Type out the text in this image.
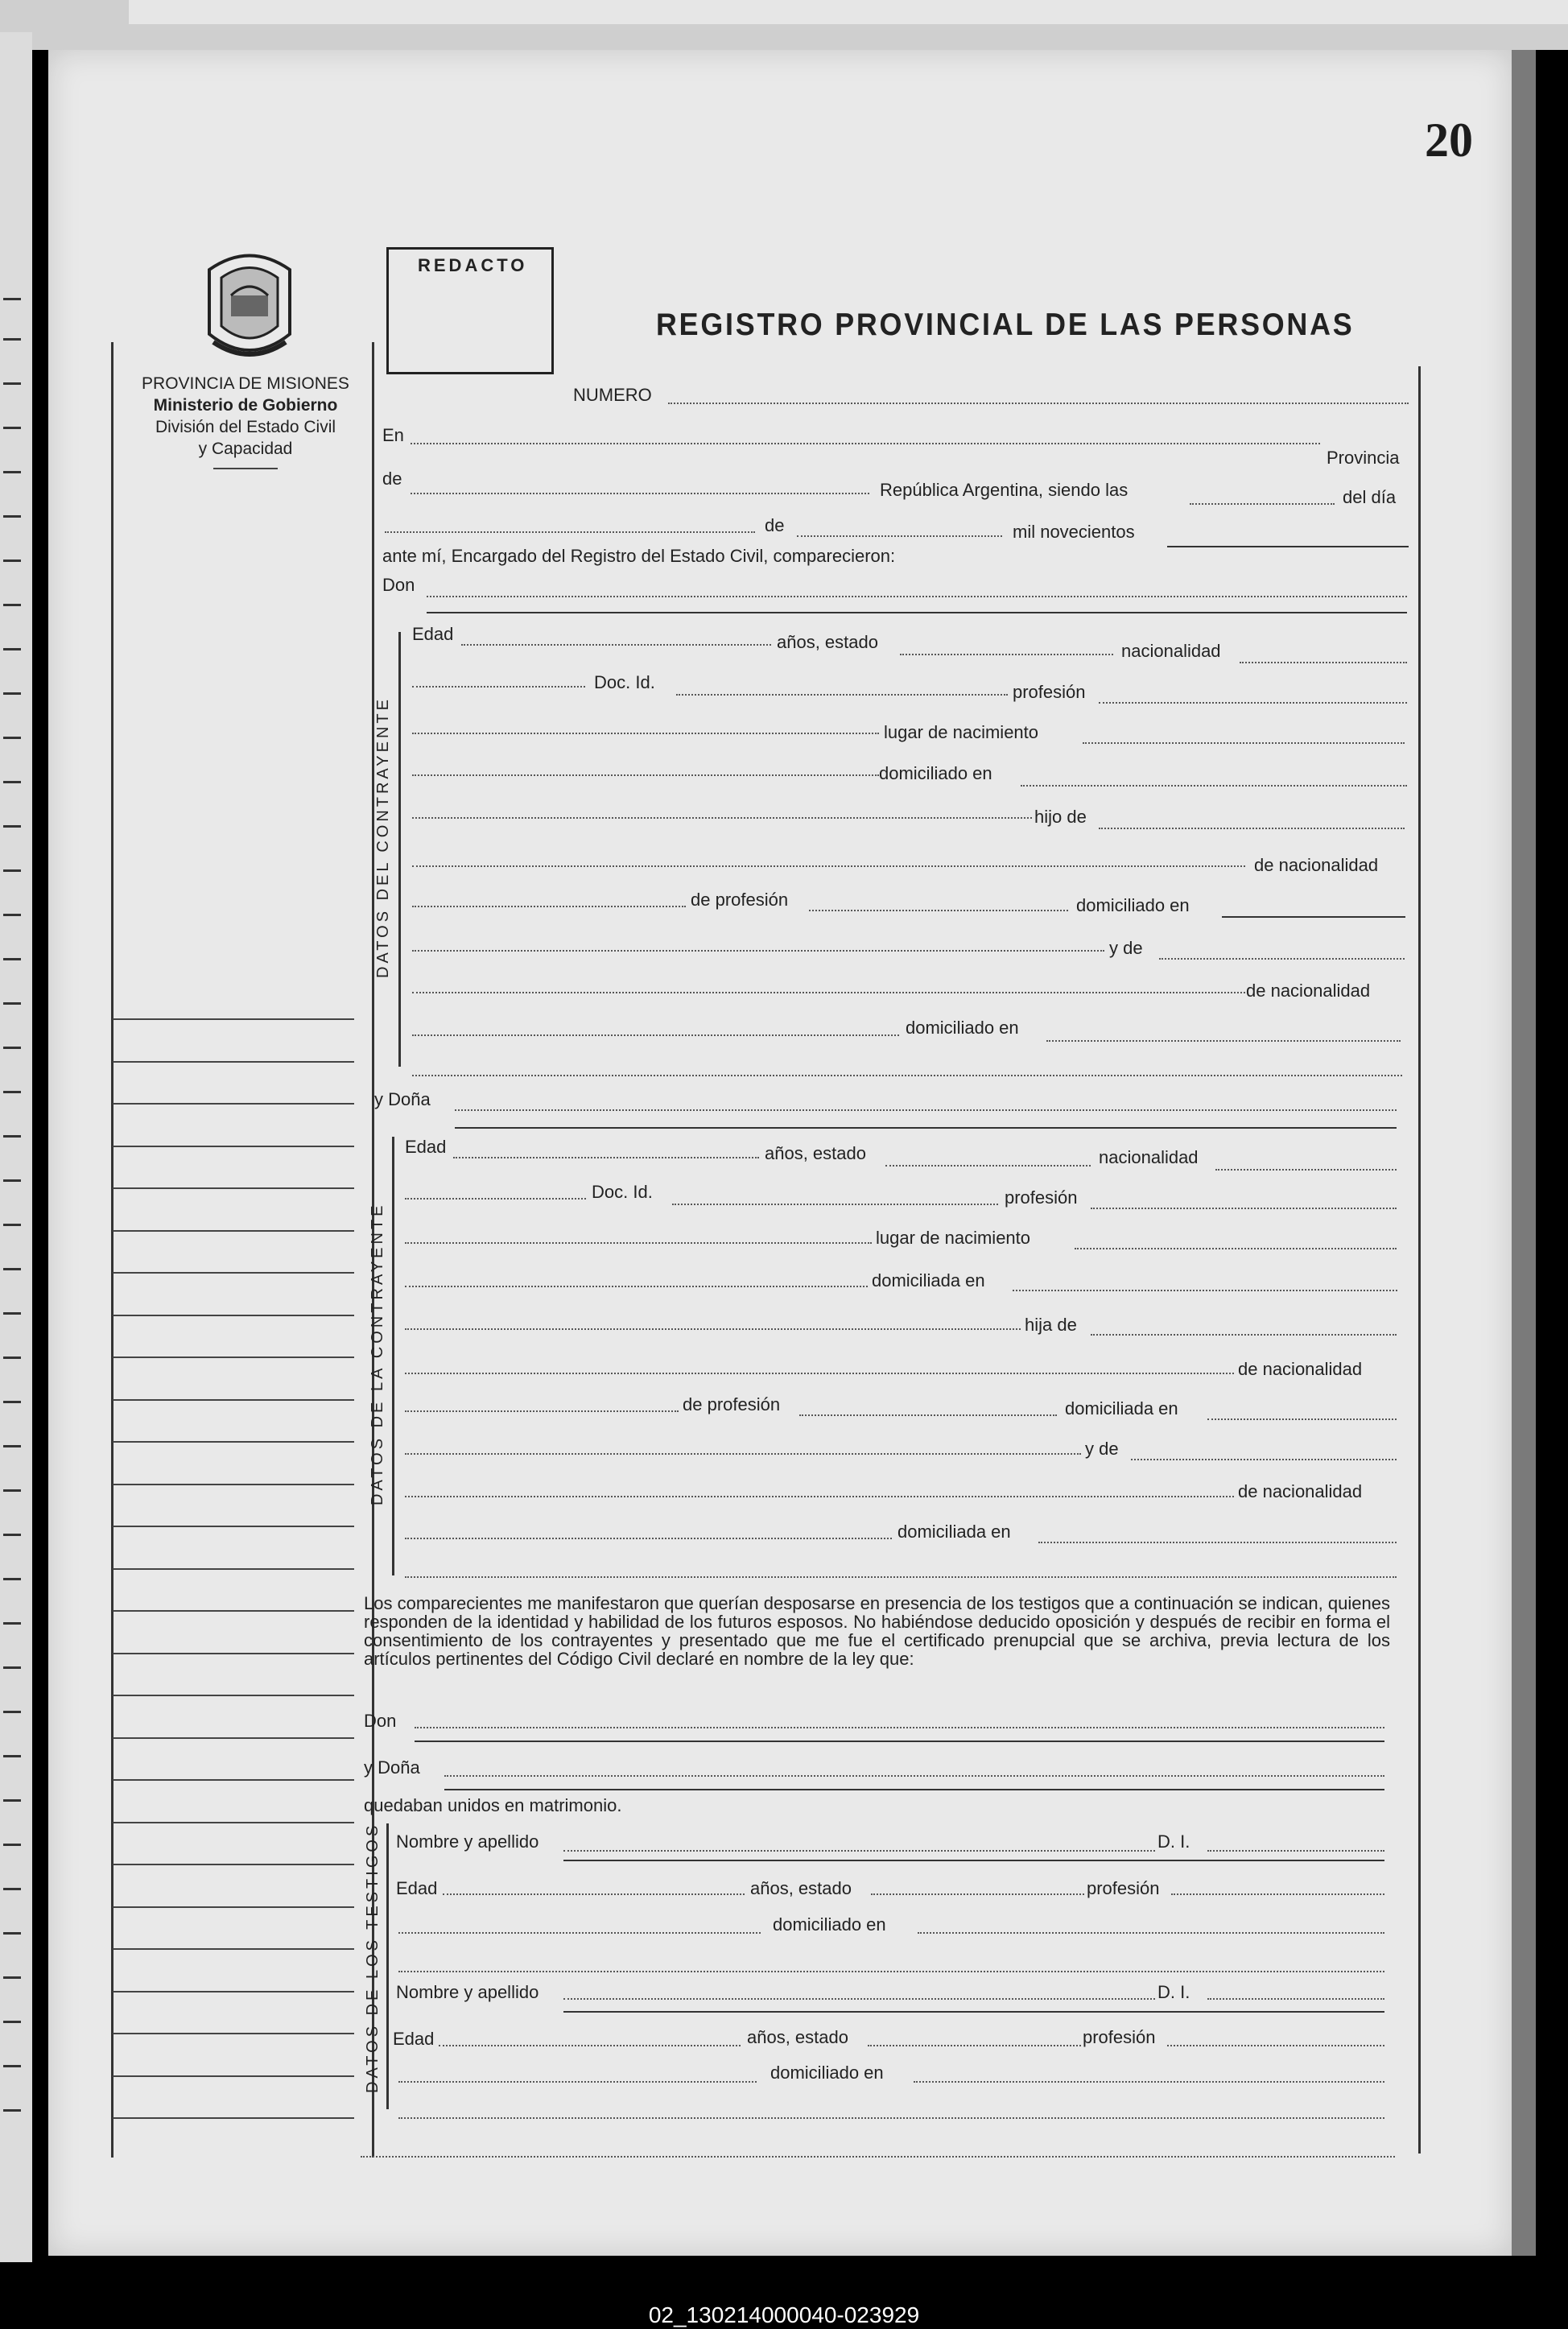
20
PROVINCIA DE MISIONES
Ministerio de Gobierno
División del Estado Civil
y Capacidad
REDACTO
REGISTRO PROVINCIAL DE LAS PERSONAS
NUMERO
En
Provincia
de
República Argentina, siendo las	del día
de	mil novecientos
ante mí, Encargado del Registro del Estado Civil, comparecieron:
Don
DATOS DEL CONTRAYENTE
Edad	años, estado	nacionalidad
Doc. Id.	profesión
lugar de nacimiento
domiciliado en
hijo de
de nacionalidad
de profesión	domiciliado en
y de
de nacionalidad
domiciliado en
y Doña
DATOS DE LA CONTRAYENTE
Edad	años, estado	nacionalidad
Doc. Id.	profesión
lugar de nacimiento
domiciliada en
hija de
de nacionalidad
de profesión	domiciliada en
y de
de nacionalidad
domiciliada en
Los comparecientes me manifestaron que querían desposarse en presencia de los testigos que a continuación se indican, quienes responden de la identidad y habilidad de los futuros esposos. No habiéndose deducido oposición y después de recibir en forma el consentimiento de los contrayentes y presentado que me fue el certificado prenupcial que se archiva, previa lectura de los artículos pertinentes del Código Civil declaré en nombre de la ley que:
Don
y Doña
quedaban unidos en matrimonio.
DATOS DE LOS TESTIGOS Nombre y apellido	D. I.
Edad	años, estado	profesión
domiciliado en
Nombre y apellido	D. I.
Edad	años, estado	profesión
domiciliado en
02_130214000040-023929
